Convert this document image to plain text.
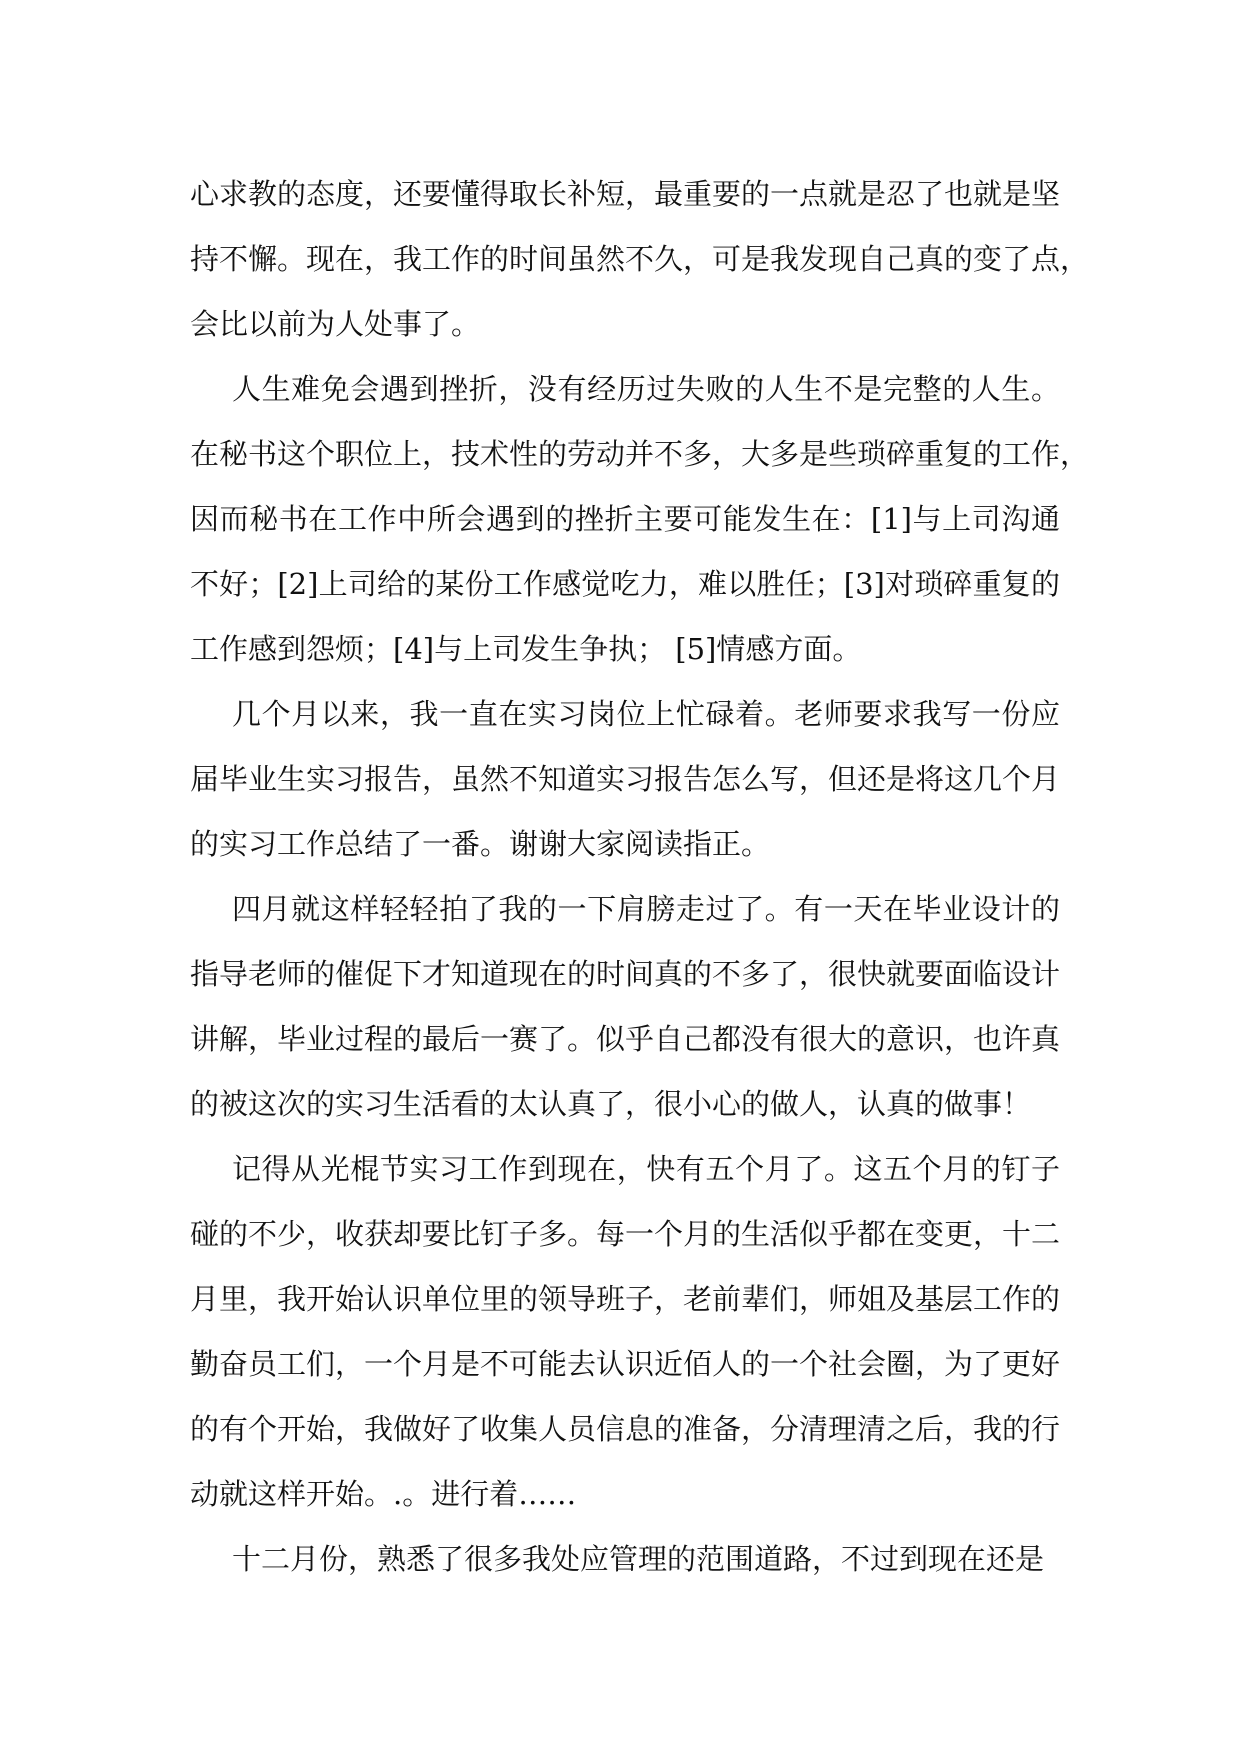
心求教的态度，还要懂得取长补短，最重要的一点就是忍了也就是坚
持不懈。现在，我工作的时间虽然不久，可是我发现自己真的变了点，
会比以前为人处事了。
人生难免会遇到挫折，没有经历过失败的人生不是完整的人生。
在秘书这个职位上，技术性的劳动并不多，大多是些琐碎重复的工作，
因而秘书在工作中所会遇到的挫折主要可能发生在：[1]与上司沟通
不好；[2]上司给的某份工作感觉吃力，难以胜任；[3]对琐碎重复的
工作感到怨烦；[4]与上司发生争执； [5]情感方面。
几个月以来，我一直在实习岗位上忙碌着。老师要求我写一份应
届毕业生实习报告，虽然不知道实习报告怎么写，但还是将这几个月
的实习工作总结了一番。谢谢大家阅读指正。
四月就这样轻轻拍了我的一下肩膀走过了。有一天在毕业设计的
指导老师的催促下才知道现在的时间真的不多了，很快就要面临设计
讲解，毕业过程的最后一赛了。似乎自己都没有很大的意识，也许真
的被这次的实习生活看的太认真了，很小心的做人，认真的做事！
记得从光棍节实习工作到现在，快有五个月了。这五个月的钉子
碰的不少，收获却要比钉子多。每一个月的生活似乎都在变更，十二
月里，我开始认识单位里的领导班子，老前辈们，师姐及基层工作的
勤奋员工们，一个月是不可能去认识近佰人的一个社会圈，为了更好
的有个开始，我做好了收集人员信息的准备，分清理清之后，我的行
动就这样开始。.。进行着……
十二月份，熟悉了很多我处应管理的范围道路，不过到现在还是
